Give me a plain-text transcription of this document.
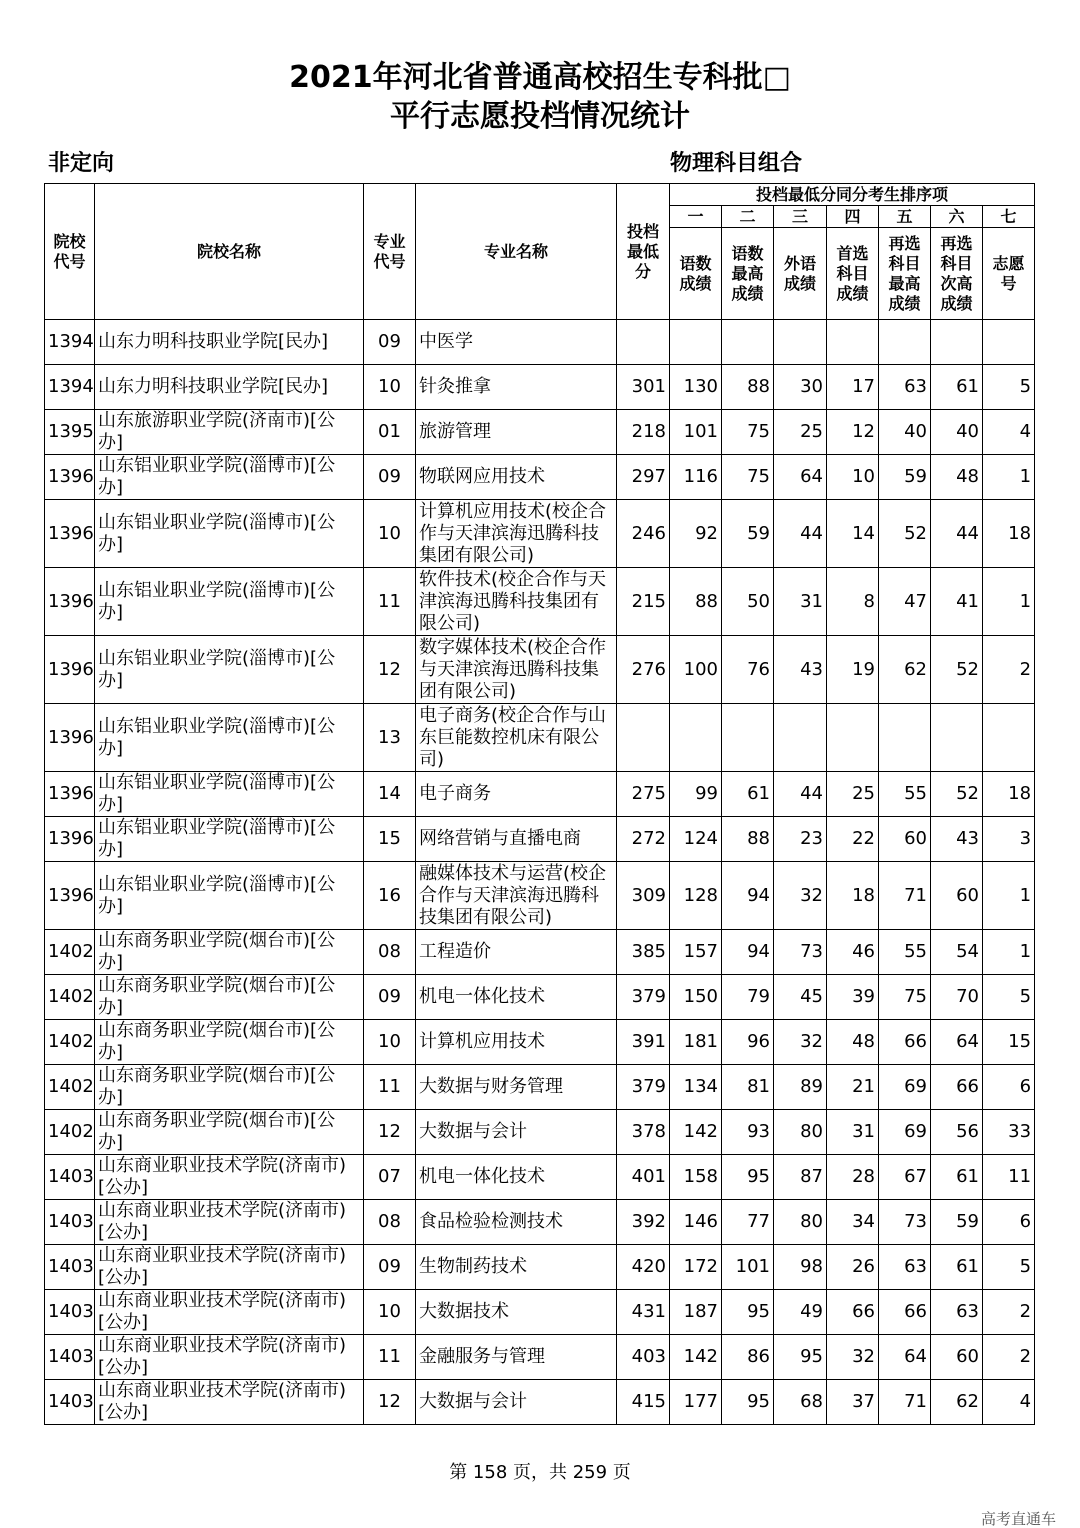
2021年河北省普通高校招生专科批□
平行志愿投档情况统计
非定向	物理科目组合
院校代号	院校名称	专业代号	专业名称	投档最低分	投档最低分同分考生排序项						
					一	二	三	四	五	六	七
					语数成绩	语数最高成绩	外语成绩	首选科目成绩	再选科目最高成绩	再选科目次高成绩	志愿号
1394	山东力明科技职业学院[民办]	09	中医学								
1394	山东力明科技职业学院[民办]	10	针灸推拿	301	130	88	30	17	63	61	5
1395	山东旅游职业学院(济南市)[公办]	01	旅游管理	218	101	75	25	12	40	40	4
1396	山东铝业职业学院(淄博市)[公办]	09	物联网应用技术	297	116	75	64	10	59	48	1
1396	山东铝业职业学院(淄博市)[公办]	10	计算机应用技术(校企合作与天津滨海迅腾科技集团有限公司)	246	92	59	44	14	52	44	18
1396	山东铝业职业学院(淄博市)[公办]	11	软件技术(校企合作与天津滨海迅腾科技集团有限公司)	215	88	50	31	8	47	41	1
1396	山东铝业职业学院(淄博市)[公办]	12	数字媒体技术(校企合作与天津滨海迅腾科技集团有限公司)	276	100	76	43	19	62	52	2
1396	山东铝业职业学院(淄博市)[公办]	13	电子商务(校企合作与山东巨能数控机床有限公司)								
1396	山东铝业职业学院(淄博市)[公办]	14	电子商务	275	99	61	44	25	55	52	18
1396	山东铝业职业学院(淄博市)[公办]	15	网络营销与直播电商	272	124	88	23	22	60	43	3
1396	山东铝业职业学院(淄博市)[公办]	16	融媒体技术与运营(校企合作与天津滨海迅腾科技集团有限公司)	309	128	94	32	18	71	60	1
1402	山东商务职业学院(烟台市)[公办]	08	工程造价	385	157	94	73	46	55	54	1
1402	山东商务职业学院(烟台市)[公办]	09	机电一体化技术	379	150	79	45	39	75	70	5
1402	山东商务职业学院(烟台市)[公办]	10	计算机应用技术	391	181	96	32	48	66	64	15
1402	山东商务职业学院(烟台市)[公办]	11	大数据与财务管理	379	134	81	89	21	69	66	6
1402	山东商务职业学院(烟台市)[公办]	12	大数据与会计	378	142	93	80	31	69	56	33
1403	山东商业职业技术学院(济南市)[公办]	07	机电一体化技术	401	158	95	87	28	67	61	11
1403	山东商业职业技术学院(济南市)[公办]	08	食品检验检测技术	392	146	77	80	34	73	59	6
1403	山东商业职业技术学院(济南市)[公办]	09	生物制药技术	420	172	101	98	26	63	61	5
1403	山东商业职业技术学院(济南市)[公办]	10	大数据技术	431	187	95	49	66	66	63	2
1403	山东商业职业技术学院(济南市)[公办]	11	金融服务与管理	403	142	86	95	32	64	60	2
1403	山东商业职业技术学院(济南市)[公办]	12	大数据与会计	415	177	95	68	37	71	62	4
第 158 页，共 259 页
高考直通车
